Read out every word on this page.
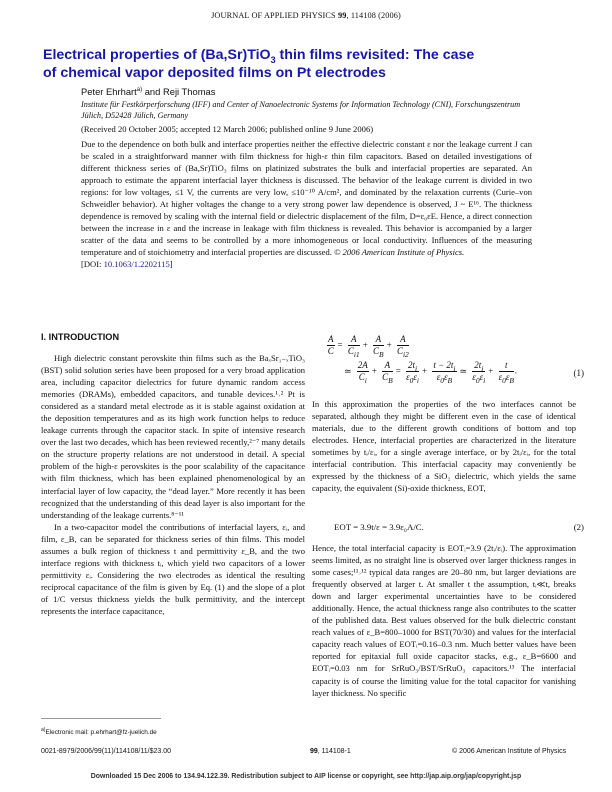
JOURNAL OF APPLIED PHYSICS 99, 114108 (2006)
Electrical properties of (Ba,Sr)TiO$_3$ thin films revisited: The case
of chemical vapor deposited films on Pt electrodes
Peter Ehrhart$^{a)}$ and Reji Thomas
Institute für Festkörperforschung (IFF) and Center of Nanoelectronic Systems for Information Technology (CNI), Forschungszentrum Jülich, D52428 Jülich, Germany
(Received 20 October 2005; accepted 12 March 2006; published online 9 June 2006)
Due to the dependence on both bulk and interface properties neither the effective dielectric constant ε nor the leakage current J can be scaled in a straightforward manner with film thickness for high-ε thin film capacitors. Based on detailed investigations of different thickness series of (Ba,Sr)TiO₃ films on platinized substrates the bulk and interfacial properties are separated. An approach to estimate the apparent interfacial layer thickness is discussed. The behavior of the leakage current is divided in two regions: for low voltages, ≤1 V, the currents are very low, ≤10⁻¹⁰ A/cm², and dominated by the relaxation currents (Curie–von Schweidler behavior). At higher voltages the change to a very strong power law dependence is observed, J ~ E¹⁶. The thickness dependence is removed by scaling with the internal field or dielectric displacement of the film, D=ε₀εE. Hence, a direct connection between the increase in ε and the increase in leakage with film thickness is revealed. This behavior is accompanied by a larger scatter of the data and seems to be controlled by a more inhomogeneous or local conductivity. Influences of the measuring temperature and of stoichiometry and interfacial properties are discussed. © 2006 American Institute of Physics.
[DOI: 10.1063/1.2202115]
I. INTRODUCTION

High dielectric constant perovskite thin films such as the BaₓSr₁₋ₓTiO₃ (BST) solid solution series have been proposed for a very broad application area, including capacitor dielectrics for future dynamic random access memories (DRAMs), embedded capacitors, and tunable devices.¹˒² Pt is considered as a standard metal electrode as it is stable against oxidation at the deposition temperatures and as its high work function helps to reduce leakage currents through the capacitor stack. In spite of intensive research over the last two decades, which has been reviewed recently,²⁻⁷ many details on the structure property relations are not understood in detail. A special problem of the high-ε perovskites is the poor scalability of the capacitance with film thickness, which has been explained phenomenological by an interfacial layer of low capacity, the “dead layer.” More recently it has been recognized that the understanding of this dead layer is also important for the understanding of the leakage currents.⁸⁻¹¹

In a two-capacitor model the contributions of interfacial layers, εᵢ, and film, ε_B, can be separated for thickness series of thin films. This model assumes a bulk region of thickness t and permittivity ε_B, and the two interface regions with thickness tᵢ, which yield two capacitors of a lower permittivity εᵢ. Considering the two electrodes as identical the resulting reciprocal capacitance of the film is given by Eq. (1) and the slope of a plot of 1/C versus thickness yields the bulk permittivity, and the intercept represents the interface capacitance,

$\frac{A}{C} = \frac{A}{C_{i1}} + \frac{A}{C_B} + \frac{A}{C_{i2}}$
≃ $\frac{2A}{C_i} + \frac{A}{C_B} = \frac{2t_i}{\varepsilon_0\varepsilon_i} + \frac{t - 2t_i}{\varepsilon_0\varepsilon_B}$ ≃ $\frac{2t_i}{\varepsilon_0\varepsilon_i} + \frac{t}{\varepsilon_0\varepsilon_B}$ .	(1)

In this approximation the properties of the two interfaces cannot be separated, although they might be different even in the case of identical materials, due to the different growth conditions of bottom and top electrodes. Hence, interfacial properties are characterized in the literature sometimes by tᵢ/εᵢ, for a single average interface, or by 2tᵢ/εᵢ, for the total interfacial contribution. This interfacial capacity may conveniently be expressed by the thickness of a SiO₂ dielectric, which yields the same capacity, the equivalent (Si)-oxide thickness, EOT,

EOT = 3.9t/ε = 3.9ε₀A/C.	(2)

Hence, the total interfacial capacity is EOTᵢ=3.9 (2tᵢ/εᵢ). The approximation seems limited, as no straight line is observed over larger thickness ranges in some cases;¹¹˒¹² typical data ranges are 20–80 nm, but larger deviations are frequently observed at larger t. At smaller t the assumption, tᵢ≪t, breaks down and larger experimental uncertainties have to be considered additionally. Hence, the actual thickness range also contributes to the scatter of the published data. Best values observed for the bulk dielectric constant reach values of ε_B=800–1000 for BST(70/30) and values for the interfacial capacity reach values of EOTᵢ=0.16–0.3 nm. Much better values have been reported for epitaxial full oxide capacitor stacks, e.g., ε_B=6600 and EOTᵢ=0.03 nm for SrRuO₃/BST/SrRuO₃ capacitors.¹³ The interfacial capacity is of course the limiting value for the total capacitor for vanishing layer thickness. No specific

$^{a)}$Electronic mail: p.ehrhart@fz-juelich.de
0021-8979/2006/99(11)/114108/11/$23.00	99, 114108-1	© 2006 American Institute of Physics
Downloaded 15 Dec 2006 to 134.94.122.39. Redistribution subject to AIP license or copyright, see http://jap.aip.org/jap/copyright.jsp
